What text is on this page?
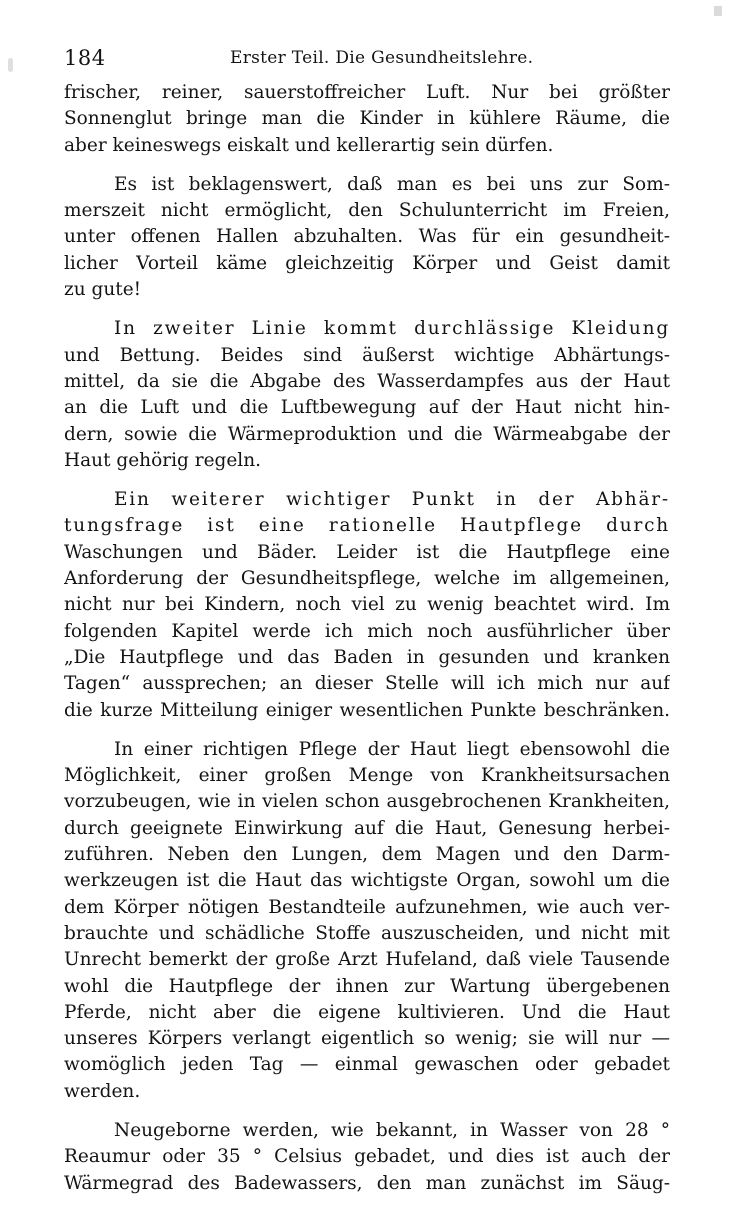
184	Erster Teil. Die Gesundheitslehre.
frischer, reiner, sauerstoffreicher Luft. Nur bei größter
Sonnenglut bringe man die Kinder in kühlere Räume, die
aber keineswegs eiskalt und kellerartig sein dürfen.
Es ist beklagenswert, daß man es bei uns zur Som-
merszeit nicht ermöglicht, den Schulunterricht im Freien,
unter offenen Hallen abzuhalten. Was für ein gesundheit-
licher Vorteil käme gleichzeitig Körper und Geist damit
zu gute!
In zweiter Linie kommt durchlässige Kleidung
und Bettung. Beides sind äußerst wichtige Abhärtungs-
mittel, da sie die Abgabe des Wasserdampfes aus der Haut
an die Luft und die Luftbewegung auf der Haut nicht hin-
dern, sowie die Wärmeproduktion und die Wärmeabgabe der
Haut gehörig regeln.
Ein weiterer wichtiger Punkt in der Abhär-
tungsfrage ist eine rationelle Hautpflege durch
Waschungen und Bäder. Leider ist die Hautpflege eine
Anforderung der Gesundheitspflege, welche im allgemeinen,
nicht nur bei Kindern, noch viel zu wenig beachtet wird. Im
folgenden Kapitel werde ich mich noch ausführlicher über
„Die Hautpflege und das Baden in gesunden und kranken
Tagen“ aussprechen; an dieser Stelle will ich mich nur auf
die kurze Mitteilung einiger wesentlichen Punkte beschränken.
In einer richtigen Pflege der Haut liegt ebensowohl die
Möglichkeit, einer großen Menge von Krankheitsursachen
vorzubeugen, wie in vielen schon ausgebrochenen Krankheiten,
durch geeignete Einwirkung auf die Haut, Genesung herbei-
zuführen. Neben den Lungen, dem Magen und den Darm-
werkzeugen ist die Haut das wichtigste Organ, sowohl um die
dem Körper nötigen Bestandteile aufzunehmen, wie auch ver-
brauchte und schädliche Stoffe auszuscheiden, und nicht mit
Unrecht bemerkt der große Arzt Hufeland, daß viele Tausende
wohl die Hautpflege der ihnen zur Wartung übergebenen
Pferde, nicht aber die eigene kultivieren. Und die Haut
unseres Körpers verlangt eigentlich so wenig; sie will nur —
womöglich jeden Tag — einmal gewaschen oder gebadet
werden.
Neugeborne werden, wie bekannt, in Wasser von 28 °
Reaumur oder 35 ° Celsius gebadet, und dies ist auch der
Wärmegrad des Badewassers, den man zunächst im Säug-
